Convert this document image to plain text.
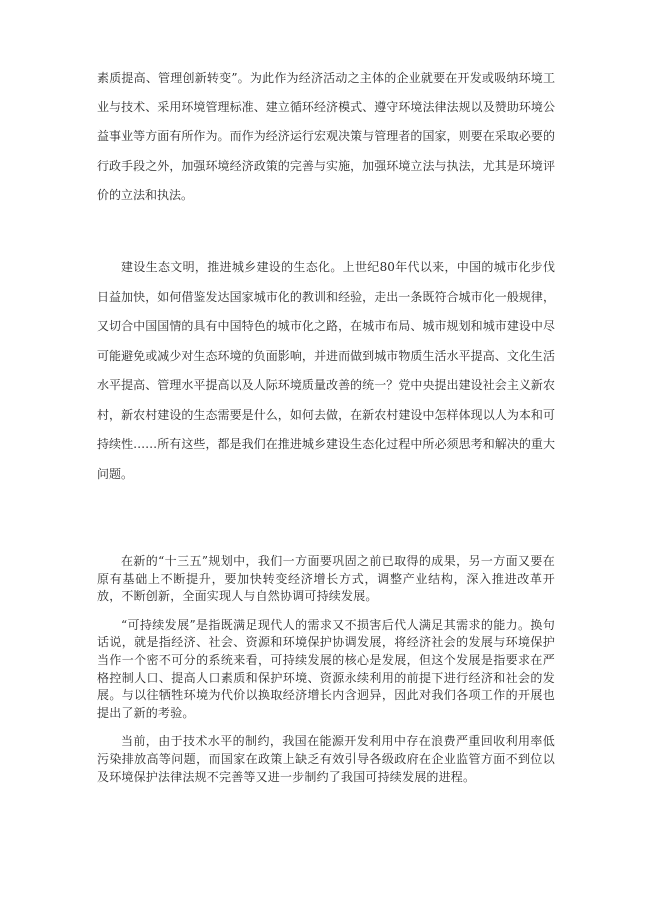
素质提高、管理创新转变”。为此作为经济活动之主体的企业就要在开发或吸纳环境工业与技术、采用环境管理标准、建立循环经济模式、遵守环境法律法规以及赞助环境公益事业等方面有所作为。而作为经济运行宏观决策与管理者的国家，则要在采取必要的行政手段之外，加强环境经济政策的完善与实施，加强环境立法与执法，尤其是环境评价的立法和执法。

建设生态文明，推进城乡建设的生态化。上世纪80年代以来，中国的城市化步伐日益加快，如何借鉴发达国家城市化的教训和经验，走出一条既符合城市化一般规律，又切合中国国情的具有中国特色的城市化之路，在城市布局、城市规划和城市建设中尽可能避免或减少对生态环境的负面影响，并进而做到城市物质生活水平提高、文化生活水平提高、管理水平提高以及人际环境质量改善的统一？党中央提出建设社会主义新农村，新农村建设的生态需要是什么，如何去做，在新农村建设中怎样体现以人为本和可持续性……所有这些，都是我们在推进城乡建设生态化过程中所必须思考和解决的重大问题。

在新的“十三五”规划中，我们一方面要巩固之前已取得的成果，另一方面又要在原有基础上不断提升，要加快转变经济增长方式，调整产业结构，深入推进改革开放，不断创新，全面实现人与自然协调可持续发展。

“可持续发展”是指既满足现代人的需求又不损害后代人满足其需求的能力。换句话说，就是指经济、社会、资源和环境保护协调发展，将经济社会的发展与环境保护当作一个密不可分的系统来看，可持续发展的核心是发展，但这个发展是指要求在严格控制人口、提高人口素质和保护环境、资源永续利用的前提下进行经济和社会的发展。与以往牺牲环境为代价以换取经济增长内含迥异，因此对我们各项工作的开展也提出了新的考验。

当前，由于技术水平的制约，我国在能源开发利用中存在浪费严重回收利用率低污染排放高等问题，而国家在政策上缺乏有效引导各级政府在企业监管方面不到位以及环境保护法律法规不完善等又进一步制约了我国可持续发展的进程。
